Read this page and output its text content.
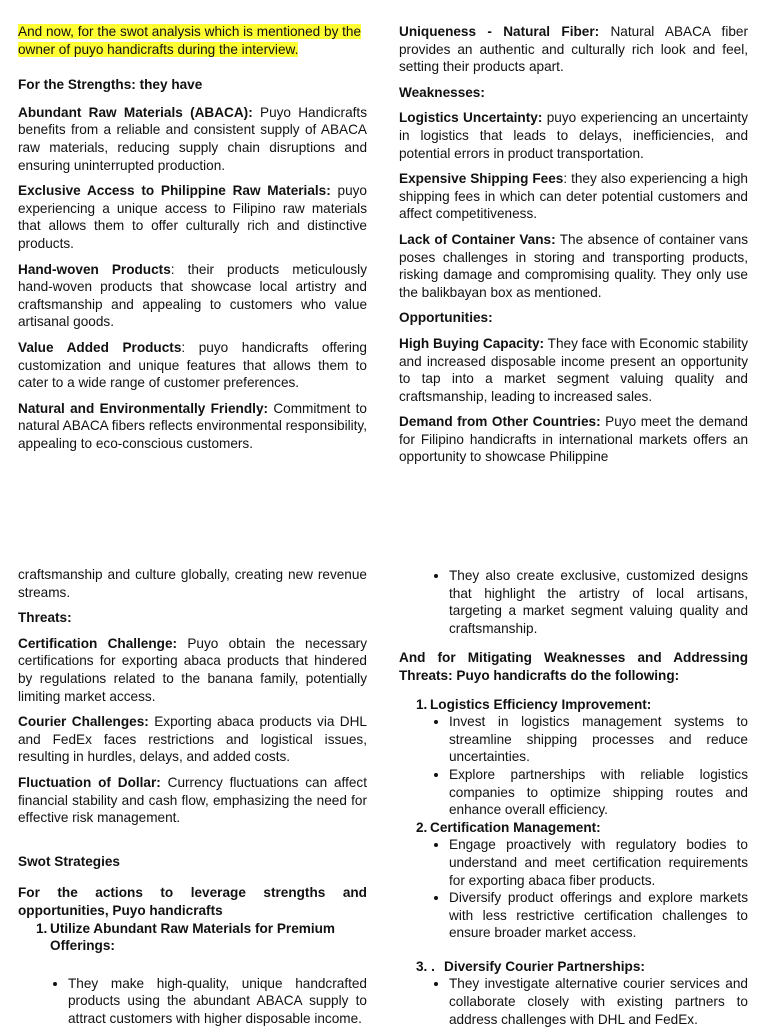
And now, for the swot analysis which is mentioned by the owner of puyo handicrafts during the interview.

For the Strengths: they have

Abundant Raw Materials (ABACA): Puyo Handicrafts benefits from a reliable and consistent supply of ABACA raw materials, reducing supply chain disruptions and ensuring uninterrupted production.

Exclusive Access to Philippine Raw Materials: puyo experiencing a unique access to Filipino raw materials that allows them to offer culturally rich and distinctive products.

Hand-woven Products: their products meticulously hand-woven products that showcase local artistry and craftsmanship and appealing to customers who value artisanal goods.

Value Added Products: puyo handicrafts offering customization and unique features that allows them to cater to a wide range of customer preferences.

Natural and Environmentally Friendly: Commitment to natural ABACA fibers reflects environmental responsibility, appealing to eco-conscious customers.

Uniqueness - Natural Fiber: Natural ABACA fiber provides an authentic and culturally rich look and feel, setting their products apart.

Weaknesses:

Logistics Uncertainty: puyo experiencing an uncertainty in logistics that leads to delays, inefficiencies, and potential errors in product transportation.

Expensive Shipping Fees: they also experiencing a high shipping fees in which can deter potential customers and affect competitiveness.

Lack of Container Vans: The absence of container vans poses challenges in storing and transporting products, risking damage and compromising quality. They only use the balikbayan box as mentioned.

Opportunities:

High Buying Capacity: They face with Economic stability and increased disposable income present an opportunity to tap into a market segment valuing quality and craftsmanship, leading to increased sales.

Demand from Other Countries: Puyo meet the demand for Filipino handicrafts in international markets offers an opportunity to showcase Philippine

craftsmanship and culture globally, creating new revenue streams.

Threats:

Certification Challenge: Puyo obtain the necessary certifications for exporting abaca products that hindered by regulations related to the banana family, potentially limiting market access.

Courier Challenges: Exporting abaca products via DHL and FedEx faces restrictions and logistical issues, resulting in hurdles, delays, and added costs.

Fluctuation of Dollar: Currency fluctuations can affect financial stability and cash flow, emphasizing the need for effective risk management.

Swot Strategies

For the actions to leverage strengths and opportunities, Puyo handicrafts

1. Utilize Abundant Raw Materials for Premium Offerings:
• They make high-quality, unique handcrafted products using the abundant ABACA supply to attract customers with higher disposable income.
• They also create exclusive, customized designs that highlight the artistry of local artisans, targeting a market segment valuing quality and craftsmanship.

And for Mitigating Weaknesses and Addressing Threats: Puyo handicrafts do the following:

1. Logistics Efficiency Improvement:
• Invest in logistics management systems to streamline shipping processes and reduce uncertainties.
• Explore partnerships with reliable logistics companies to optimize shipping routes and enhance overall efficiency.
2. Certification Management:
• Engage proactively with regulatory bodies to understand and meet certification requirements for exporting abaca fiber products.
• Diversify product offerings and explore markets with less restrictive certification challenges to ensure broader market access.
3. . Diversify Courier Partnerships:
• They investigate alternative courier services and collaborate closely with existing partners to address challenges with DHL and FedEx.
